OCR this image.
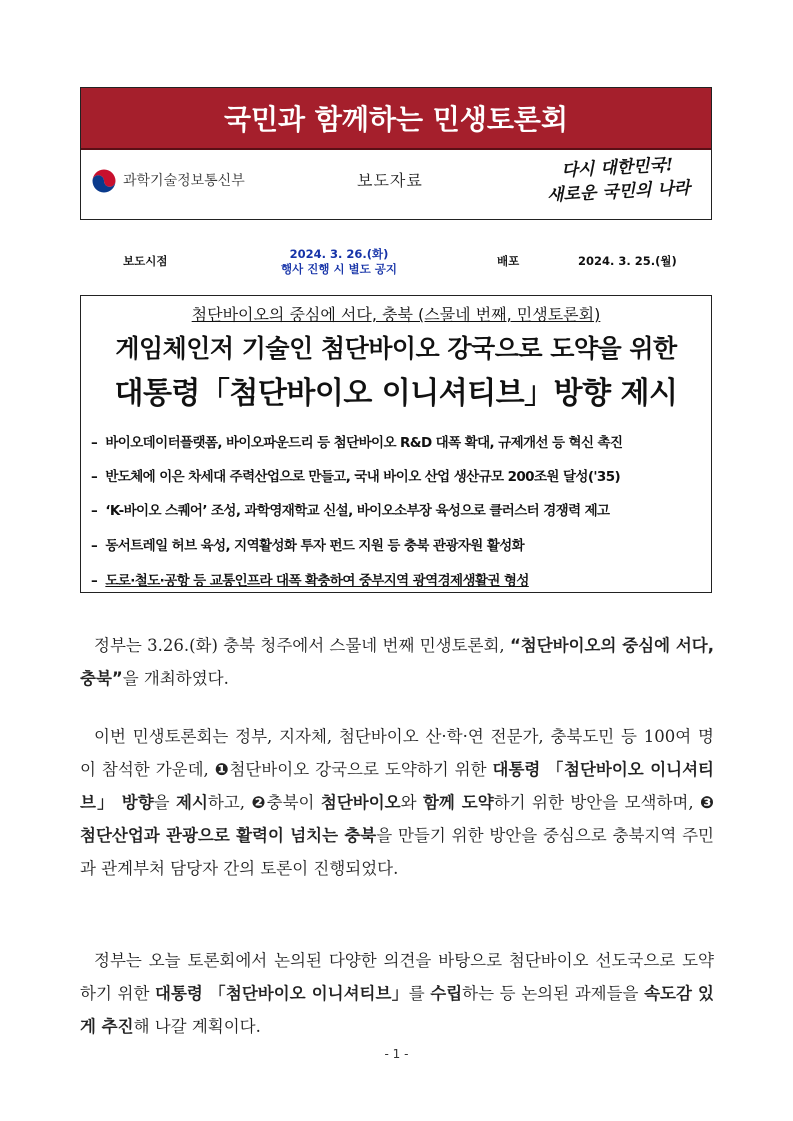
국민과 함께하는 민생토론회
과학기술정보통신부	보도자료	다시 대한민국!
새로운 국민의 나라
보도시점	2024. 3. 26.(화)
행사 진행 시 별도 공지
배포	2024. 3. 25.(월)
첨단바이오의 중심에 서다, 충북 (스물네 번째, 민생토론회)
게임체인저 기술인 첨단바이오 강국으로 도약을 위한
대통령「첨단바이오 이니셔티브」방향 제시
– 바이오데이터플랫폼, 바이오파운드리 등 첨단바이오 R&D 대폭 확대, 규제개선 등 혁신 촉진
– 반도체에 이은 차세대 주력산업으로 만들고, 국내 바이오 산업 생산규모 200조원 달성('35)
– ‘K-바이오 스퀘어’ 조성, 과학영재학교 신설, 바이오소부장 육성으로 클러스터 경쟁력 제고
– 동서트레일 허브 육성, 지역활성화 투자 펀드 지원 등 충북 관광자원 활성화
– 도로·철도·공항 등 교통인프라 대폭 확충하여 중부지역 광역경제생활권 형성
정부는 3.26.(화) 충북 청주에서 스물네 번째 민생토론회, “첨단바이오의 중심에 서다, 충북”을 개최하였다.
이번 민생토론회는 정부, 지자체, 첨단바이오 산·학·연 전문가, 충북도민 등 100여 명이 참석한 가운데, ❶첨단바이오 강국으로 도약하기 위한 대통령 「첨단바이오 이니셔티브」 방향을 제시하고, ❷충북이 첨단바이오와 함께 도약하기 위한 방안을 모색하며, ❸첨단산업과 관광으로 활력이 넘치는 충북을 만들기 위한 방안을 중심으로 충북지역 주민과 관계부처 담당자 간의 토론이 진행되었다.
정부는 오늘 토론회에서 논의된 다양한 의견을 바탕으로 첨단바이오 선도국으로 도약하기 위한 대통령 「첨단바이오 이니셔티브」를 수립하는 등 논의된 과제들을 속도감 있게 추진해 나갈 계획이다.
- 1 -
